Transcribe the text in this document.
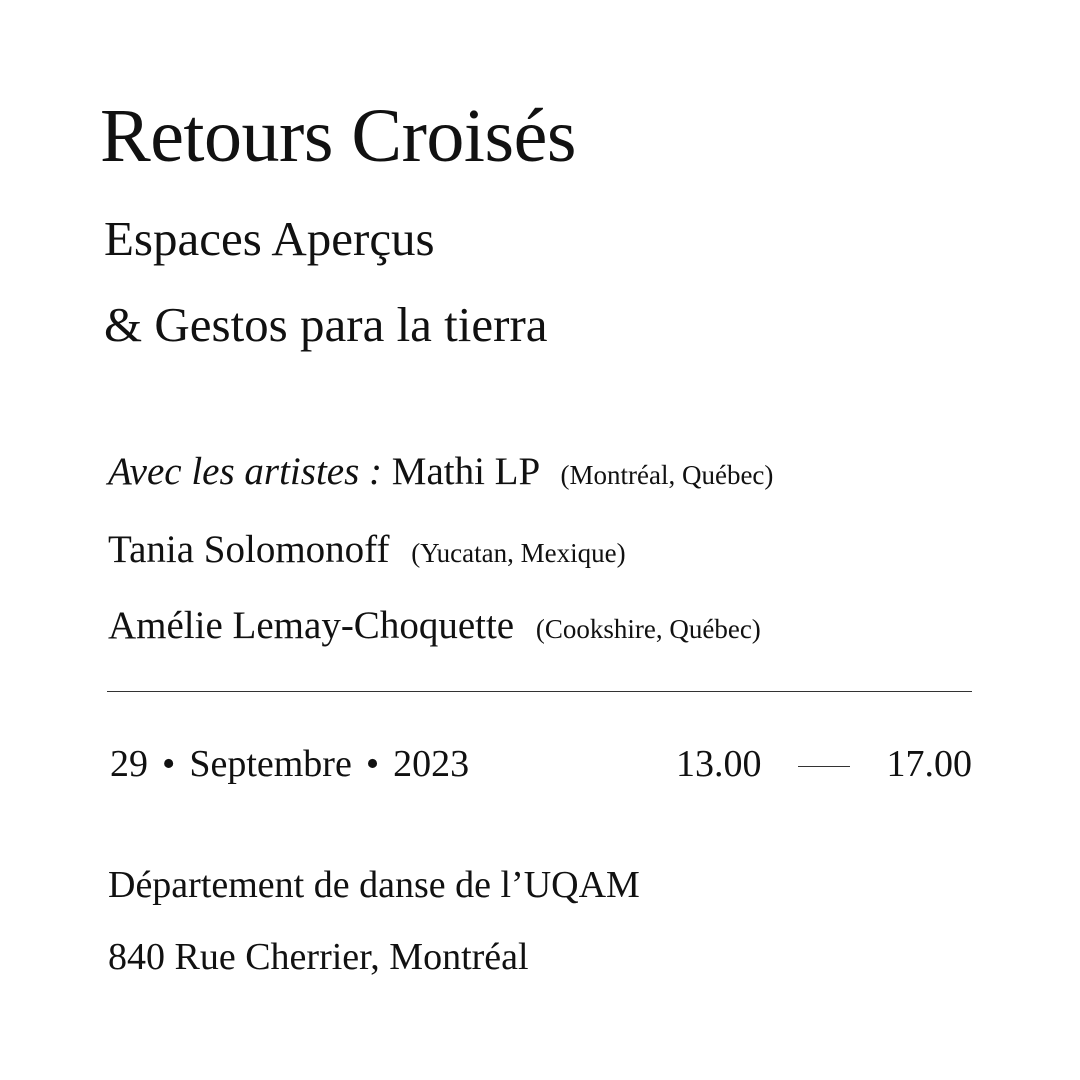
Retours Croisés
Espaces Aperçus
& Gestos para la tierra
Avec les artistes : Mathi LP (Montréal, Québec)
Tania Solomonoff (Yucatan, Mexique)
Amélie Lemay-Choquette (Cookshire, Québec)
29 • Septembre • 2023	13.00	17.00
Département de danse de l’UQAM
840 Rue Cherrier, Montréal
